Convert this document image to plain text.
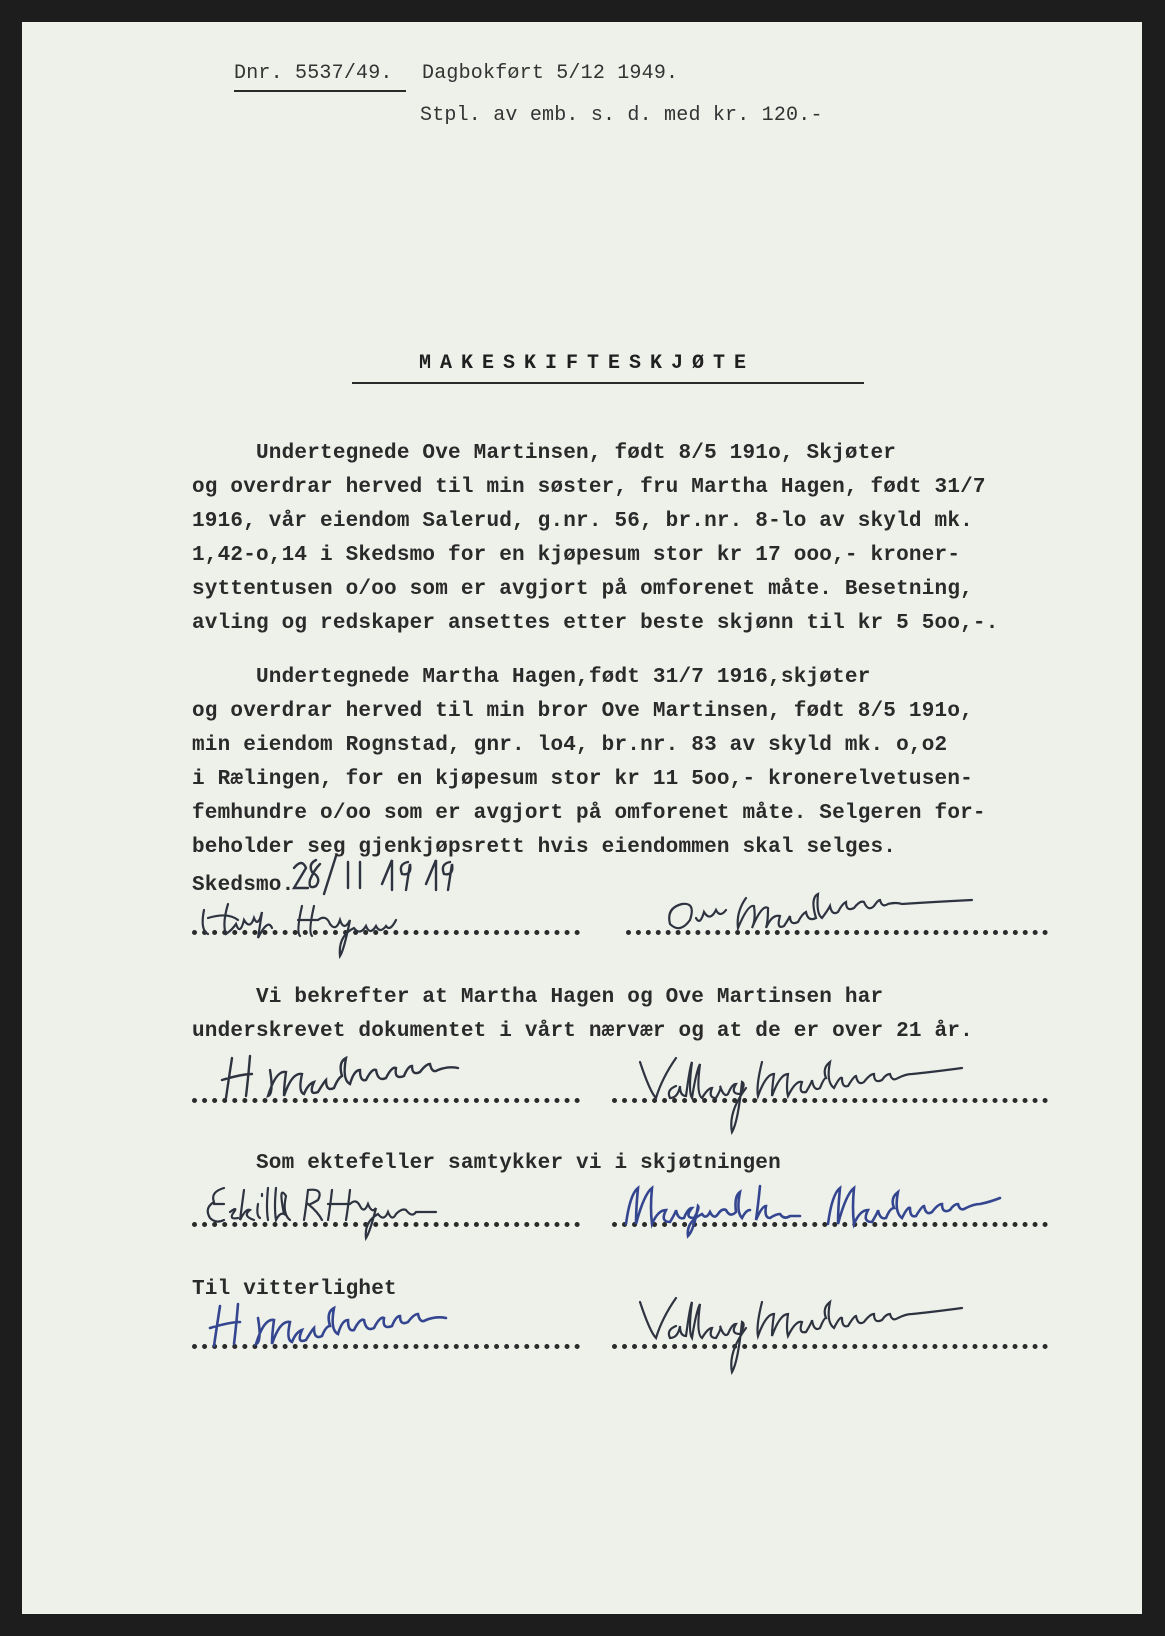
Dnr. 5537/49. Dagbokført 5/12 1949.
Stpl. av emb. s. d. med kr. 120.-
MAKESKIFTESKJØTE
Undertegnede Ove Martinsen, født 8/5 191o, Skjøter
og overdrar herved til min søster, fru Martha Hagen, født 31/7
1916, vår eiendom Salerud, g.nr. 56, br.nr. 8-lo av skyld mk.
1,42-o,14 i Skedsmo for en kjøpesum stor kr 17 ooo,- kroner-
syttentusen o/oo som er avgjort på omforenet måte. Besetning,
avling og redskaper ansettes etter beste skjønn til kr 5 5oo,-.
Undertegnede Martha Hagen,født 31/7 1916,skjøter
og overdrar herved til min bror Ove Martinsen, født 8/5 191o,
min eiendom Rognstad, gnr. lo4, br.nr. 83 av skyld mk. o,o2
i Rælingen, for en kjøpesum stor kr 11 5oo,- kronerelvetusen-
femhundre o/oo som er avgjort på omforenet måte. Selgeren for-
beholder seg gjenkjøpsrett hvis eiendommen skal selges.
Skedsmo.
Vi bekrefter at Martha Hagen og Ove Martinsen har
underskrevet dokumentet i vårt nærvær og at de er over 21 år.
Som ektefeller samtykker vi i skjøtningen
Til vitterlighet
